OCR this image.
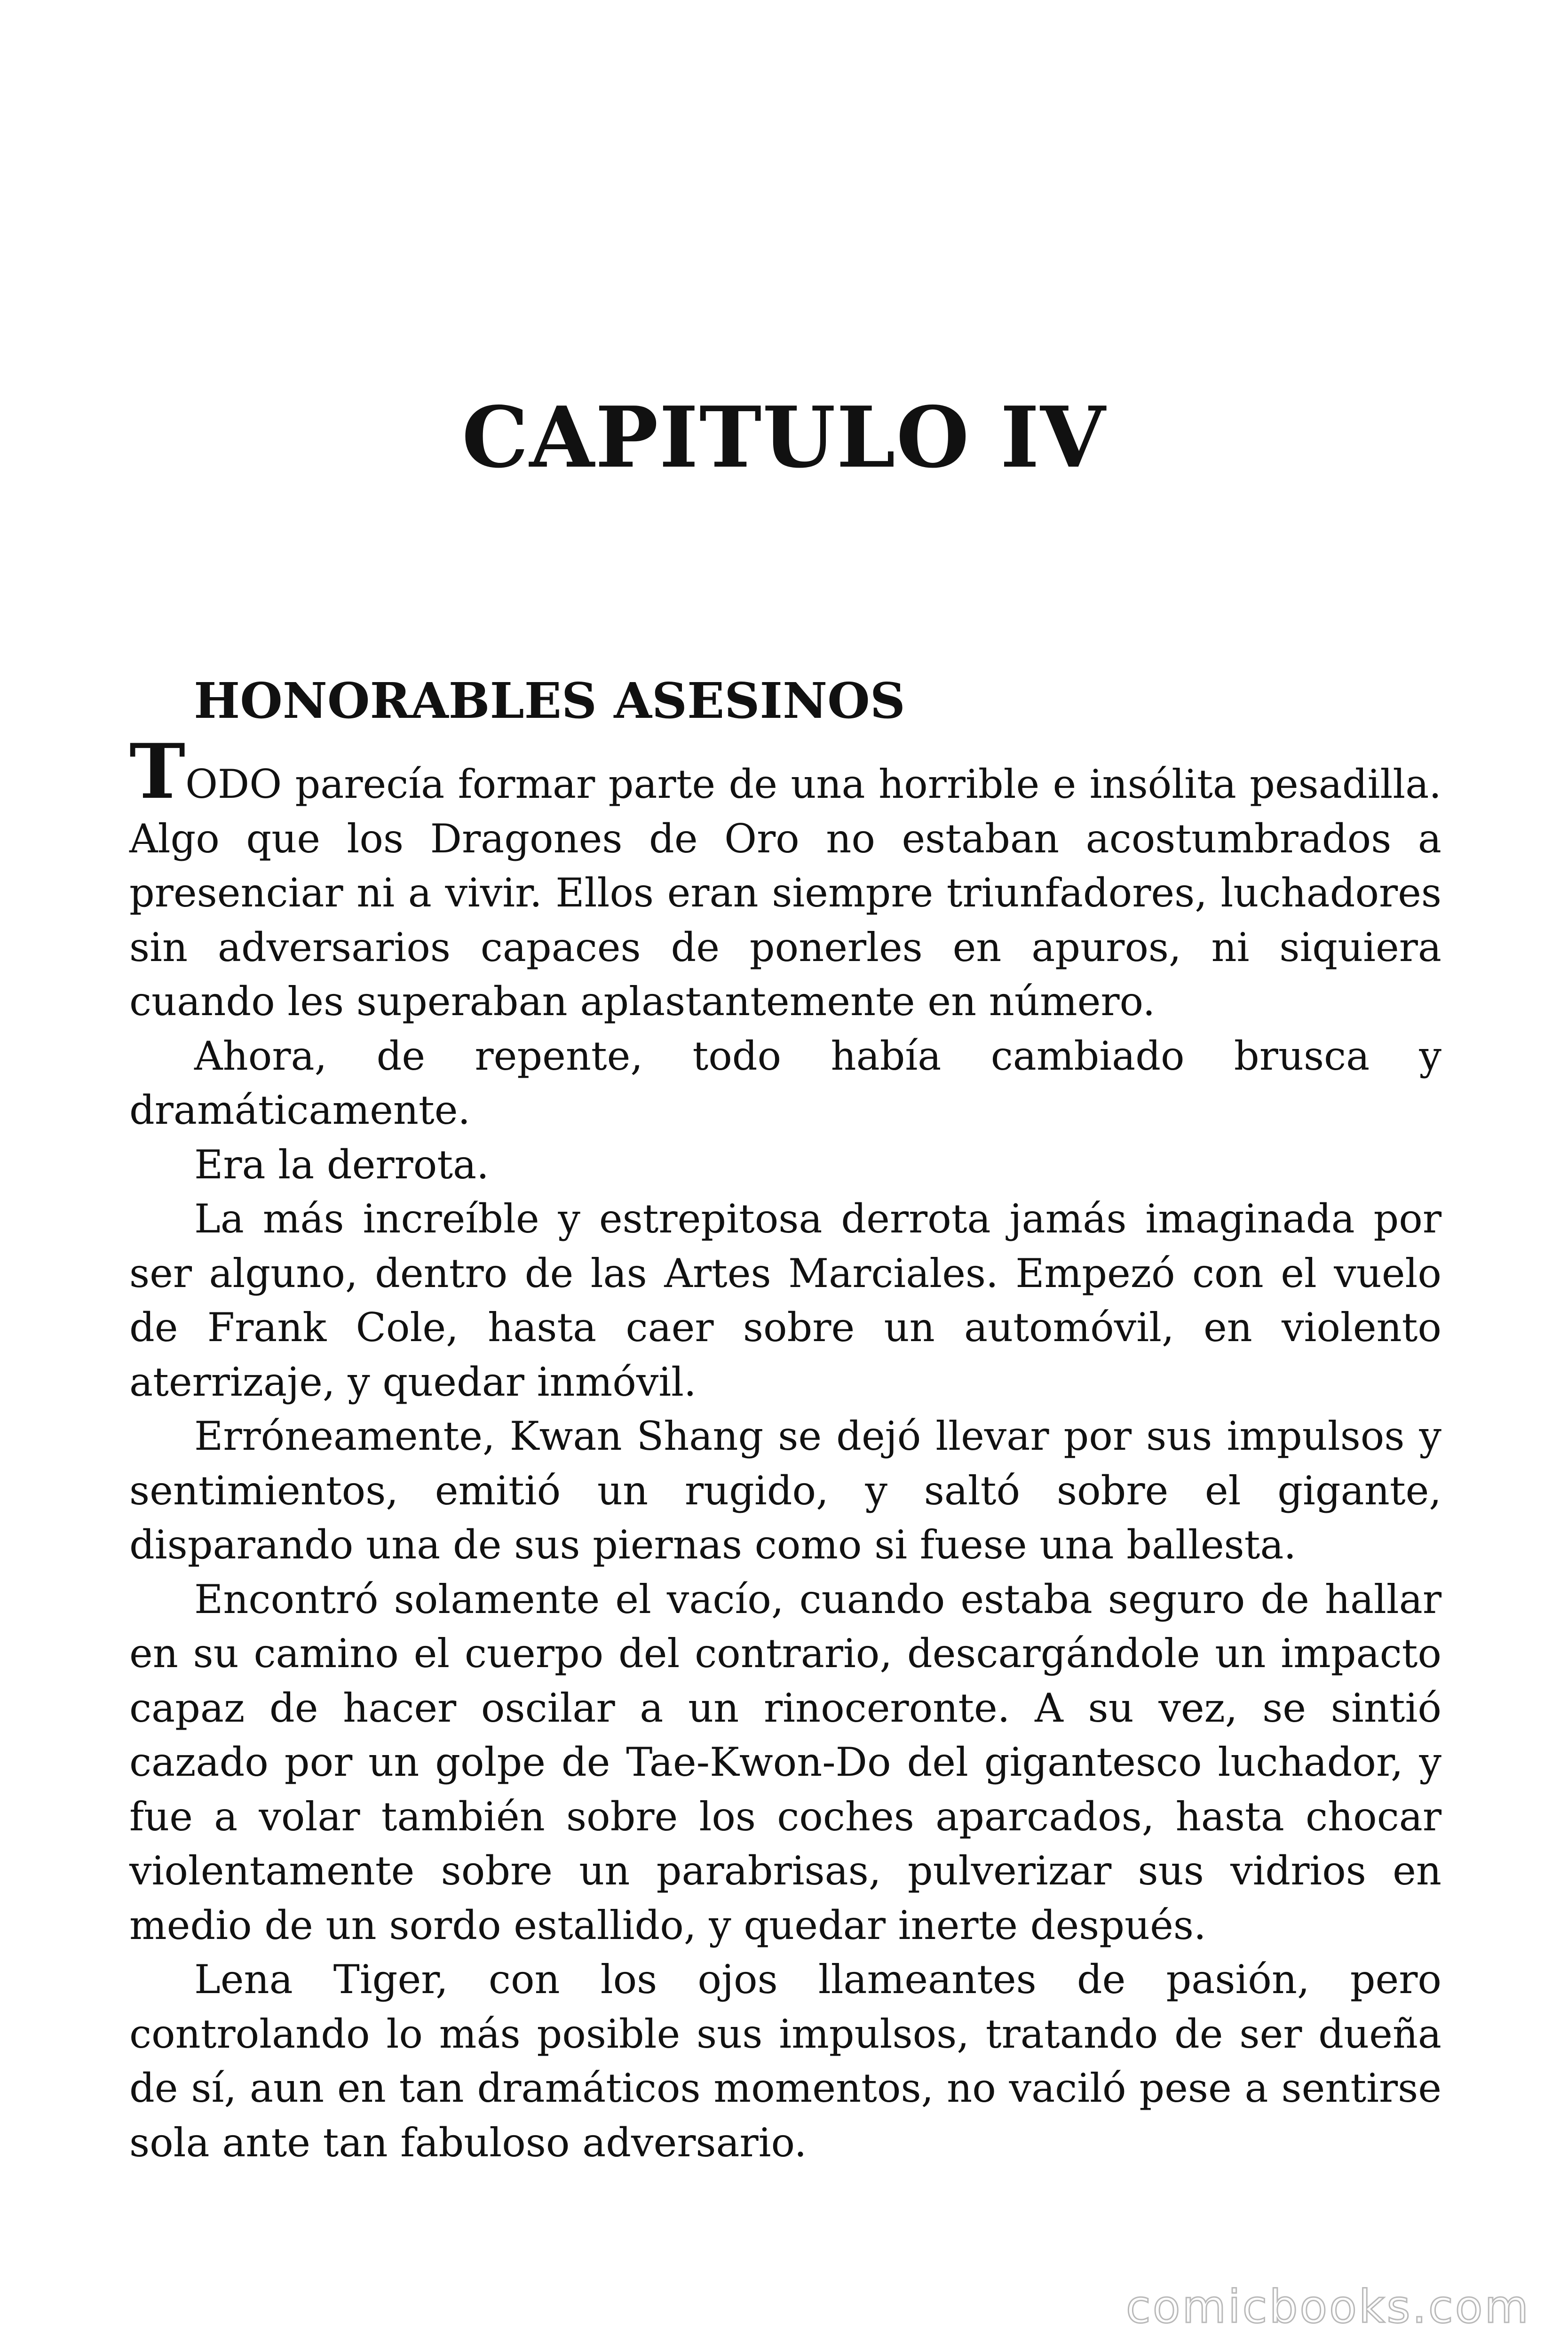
CAPITULO IV
HONORABLES ASESINOS

TODO parecía formar parte de una horrible e insólita pesadilla. Algo que los Dragones de Oro no estaban acostumbrados a presenciar ni a vivir. Ellos eran siempre triunfadores, luchadores sin adversarios capaces de ponerles en apuros, ni siquiera cuando les superaban aplastantemente en número.

Ahora, de repente, todo había cambiado brusca y dramáticamente.

Era la derrota.

La más increíble y estrepitosa derrota jamás imaginada por ser alguno, dentro de las Artes Marciales. Empezó con el vuelo de Frank Cole, hasta caer sobre un automóvil, en violento aterrizaje, y quedar inmóvil.

Erróneamente, Kwan Shang se dejó llevar por sus impulsos y sentimientos, emitió un rugido, y saltó sobre el gigante, disparando una de sus piernas como si fuese una ballesta.

Encontró solamente el vacío, cuando estaba seguro de hallar en su camino el cuerpo del contrario, descargándole un impacto capaz de hacer oscilar a un rinoceronte. A su vez, se sintió cazado por un golpe de Tae-Kwon-Do del gigantesco luchador, y fue a volar también sobre los coches aparcados, hasta chocar violentamente sobre un parabrisas, pulverizar sus vidrios en medio de un sordo estallido, y quedar inerte después.

Lena Tiger, con los ojos llameantes de pasión, pero controlando lo más posible sus impulsos, tratando de ser dueña de sí, aun en tan dramáticos momentos, no vaciló pese a sentirse sola ante tan fabuloso adversario.

comicbooks.com
